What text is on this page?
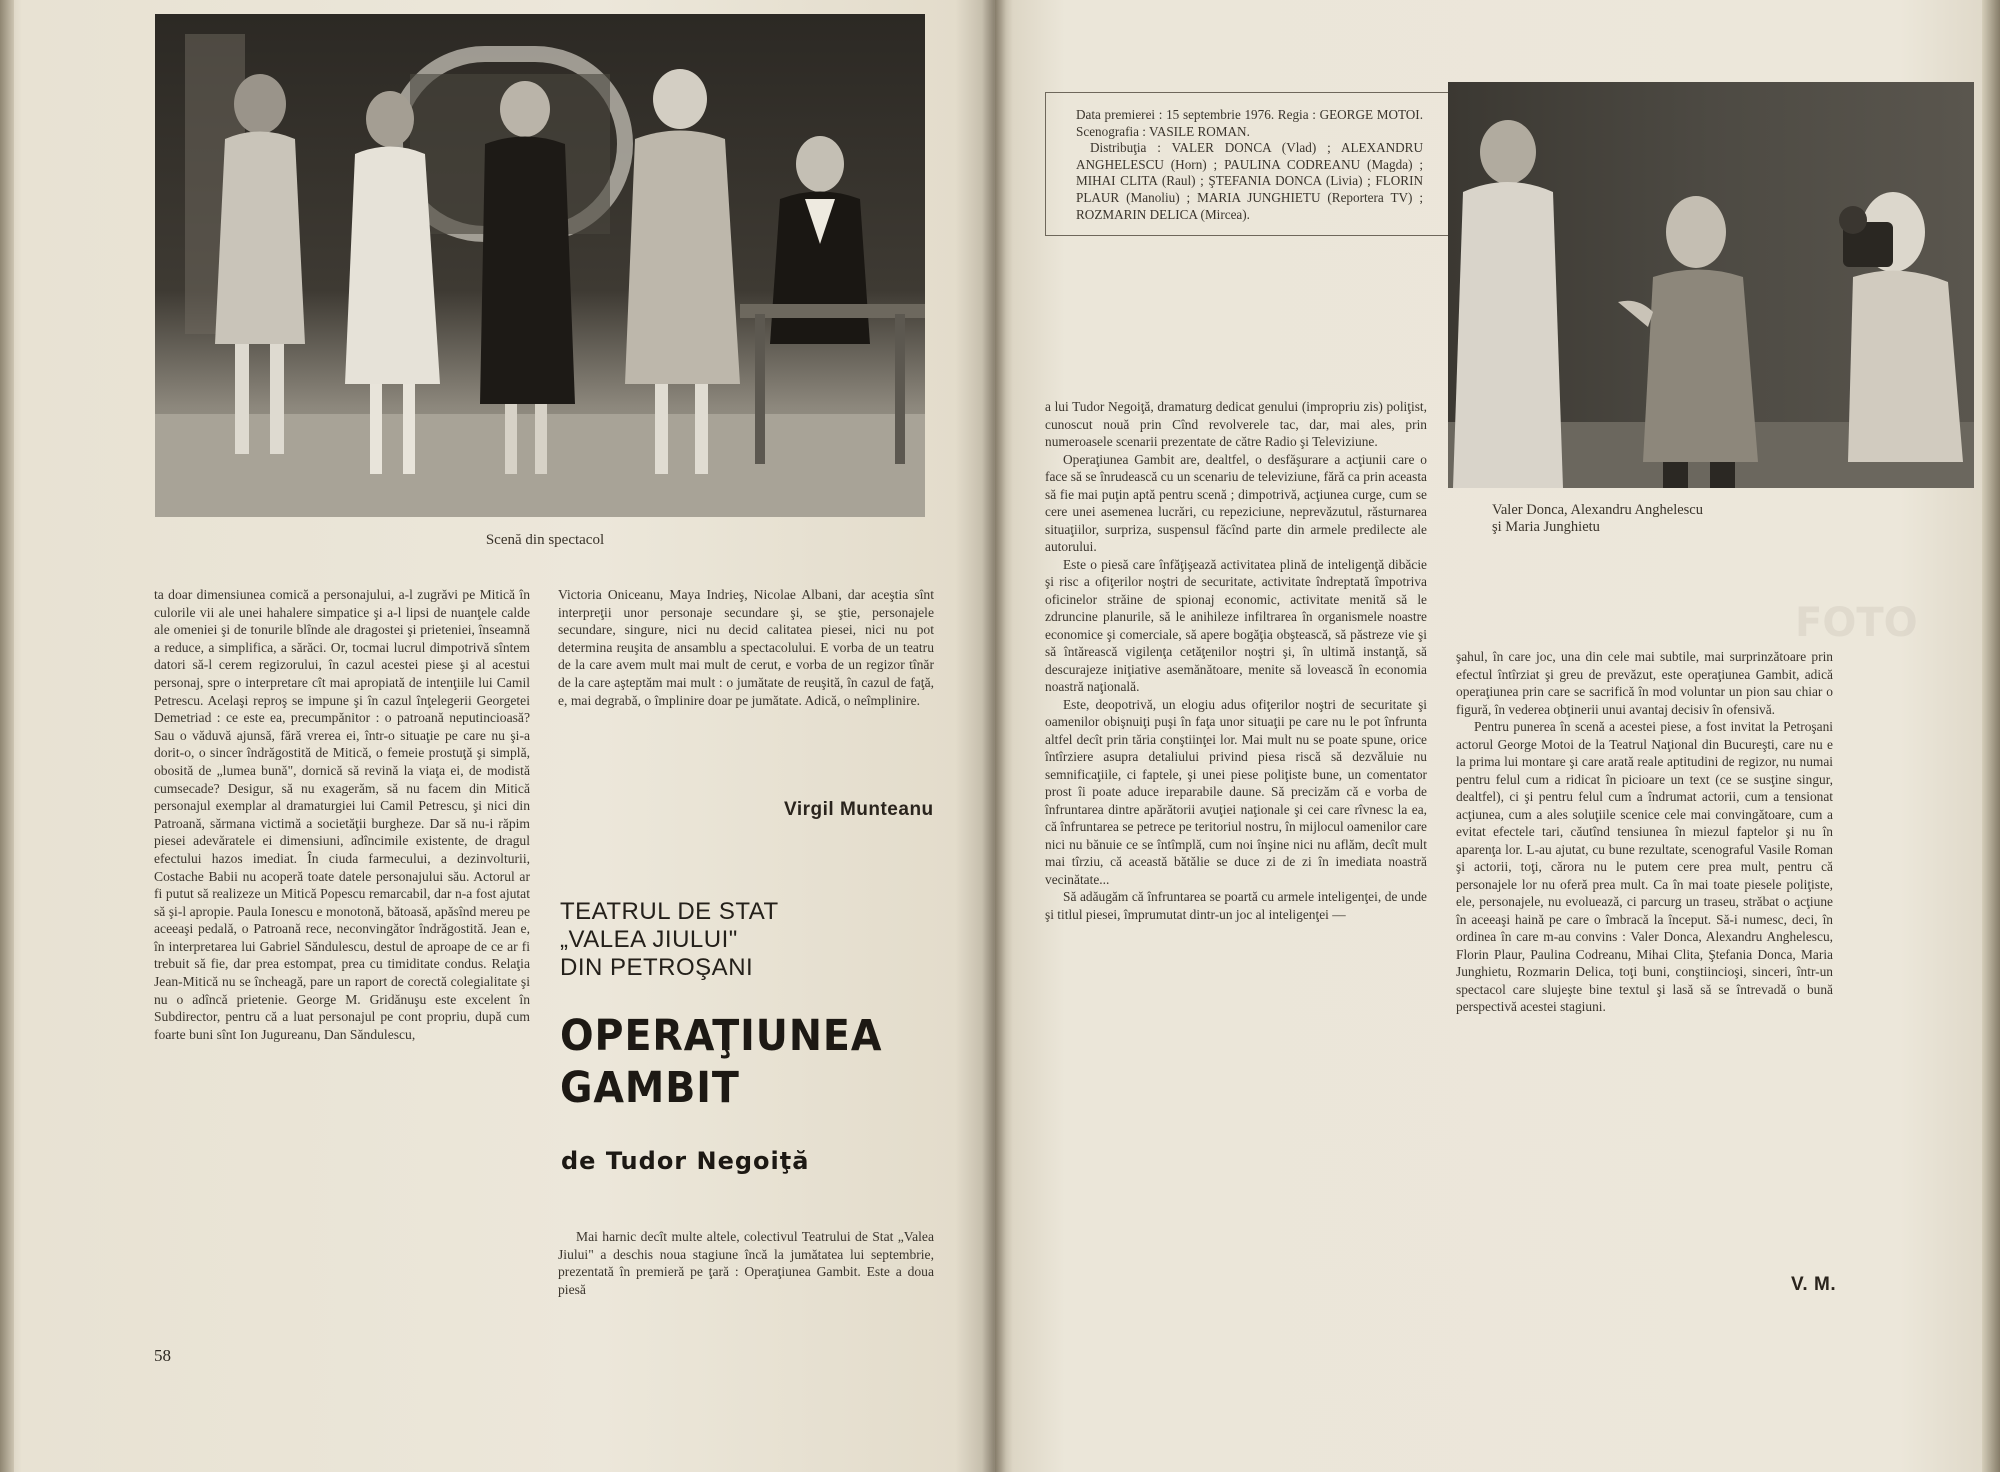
Scenă din spectacol

ta doar dimensiunea comică a personajului, a-l zugrăvi pe Mitică în culorile vii ale unei hahalere simpatice şi a-l lipsi de nuanţele calde ale omeniei şi de tonurile blînde ale dragostei şi prieteniei, înseamnă a reduce, a simplifica, a sărăci. Or, tocmai lucrul dimpotrivă sîntem datori să-l cerem regizorului, în cazul acestei piese şi al acestui personaj, spre o interpretare cît mai apropiată de intenţiile lui Camil Petrescu. Acelaşi reproş se impune şi în cazul înţelegerii Georgetei Demetriad : ce este ea, precumpănitor : o patroană neputincioasă? Sau o văduvă ajunsă, fără vrerea ei, într-o situaţie pe care nu şi-a dorit-o, o sincer îndrăgostită de Mitică, o femeie prostuţă şi simplă, obosită de „lumea bună", dornică să revină la viaţa ei, de modistă cumsecade? Desigur, să nu exagerăm, să nu facem din Mitică personajul exemplar al dramaturgiei lui Camil Petrescu, şi nici din Patroană, sărmana victimă a societăţii burgheze. Dar să nu-i răpim piesei adevăratele ei dimensiuni, adîncimile existente, de dragul efectului hazos imediat. În ciuda farmecului, a dezinvolturii, Costache Babii nu acoperă toate datele personajului său. Actorul ar fi putut să realizeze un Mitică Popescu remarcabil, dar n-a fost ajutat să şi-l apropie. Paula Ionescu e monotonă, bătoasă, apăsînd mereu pe aceeaşi pedală, o Patroană rece, neconvingător îndrăgostită. Jean e, în interpretarea lui Gabriel Săndulescu, destul de aproape de ce ar fi trebuit să fie, dar prea estompat, prea cu timiditate condus. Relaţia Jean-Mitică nu se încheagă, pare un raport de corectă colegialitate şi nu o adîncă prietenie. George M. Gridănuşu este excelent în Subdirector, pentru că a luat personajul pe cont propriu, după cum foarte buni sînt Ion Jugureanu, Dan Săndulescu,

Victoria Oniceanu, Maya Indrieş, Nicolae Albani, dar aceştia sînt interpreţii unor personaje secundare şi, se ştie, personajele secundare, singure, nici nu decid calitatea piesei, nici nu pot determina reuşita de ansamblu a spectacolului. E vorba de un teatru de la care avem mult mai mult de cerut, e vorba de un regizor tînăr de la care aşteptăm mai mult : o jumătate de reuşită, în cazul de faţă, e, mai degrabă, o împlinire doar pe jumătate. Adică, o neîmplinire.

Virgil Munteanu
TEATRUL DE STAT
„VALEA JIULUI"
DIN PETROŞANI
OPERAŢIUNEA
GAMBIT
de Tudor Negoiţă

Mai harnic decît multe altele, colectivul Teatrului de Stat „Valea Jiului" a deschis noua stagiune încă la jumătatea lui septembrie, prezentată în premieră pe ţară : Operaţiunea Gambit. Este a doua piesă

58
FOTO

Data premierei : 15 septembrie 1976. Regia : GEORGE MOTOI. Scenografia : VASILE ROMAN.

Distribuţia : VALER DONCA (Vlad) ; ALEXANDRU ANGHELESCU (Horn) ; PAULINA CODREANU (Magda) ; MIHAI CLITA (Raul) ; ŞTEFANIA DONCA (Livia) ; FLORIN PLAUR (Manoliu) ; MARIA JUNGHIETU (Reportera TV) ; ROZMARIN DELICA (Mircea).

Valer Donca, Alexandru Anghelescu
şi Maria Junghietu

a lui Tudor Negoiţă, dramaturg dedicat genului (impropriu zis) poliţist, cunoscut nouă prin Cînd revolverele tac, dar, mai ales, prin numeroasele scenarii prezentate de către Radio şi Televiziune.

Operaţiunea Gambit are, dealtfel, o desfăşurare a acţiunii care o face să se înrudească cu un scenariu de televiziune, fără ca prin aceasta să fie mai puţin aptă pentru scenă ; dimpotrivă, acţiunea curge, cum se cere unei asemenea lucrări, cu repeziciune, neprevăzutul, răsturnarea situaţiilor, surpriza, suspensul făcînd parte din armele predilecte ale autorului.

Este o piesă care înfăţişează activitatea plină de inteligenţă dibăcie şi risc a ofiţerilor noştri de securitate, activitate îndreptată împotriva oficinelor străine de spionaj economic, activitate menită să le zdruncine planurile, să le anihileze infiltrarea în organismele noastre economice şi comerciale, să apere bogăţia obştească, să păstreze vie şi să întărească vigilenţa cetăţenilor noştri şi, în ultimă instanţă, să descurajeze iniţiative asemănătoare, menite să lovească în economia noastră naţională.

Este, deopotrivă, un elogiu adus ofiţerilor noştri de securitate şi oamenilor obişnuiţi puşi în faţa unor situaţii pe care nu le pot înfrunta altfel decît prin tăria conştiinţei lor. Mai mult nu se poate spune, orice întîrziere asupra detaliului privind piesa riscă să dezvăluie nu semnificaţiile, ci faptele, şi unei piese poliţiste bune, un comentator prost îi poate aduce ireparabile daune. Să precizăm că e vorba de înfruntarea dintre apărătorii avuţiei naţionale şi cei care rîvnesc la ea, că înfruntarea se petrece pe teritoriul nostru, în mijlocul oamenilor care nici nu bănuie ce se întîmplă, cum noi înşine nici nu aflăm, decît mult mai tîrziu, că această bătălie se duce zi de zi în imediata noastră vecinătate...

Să adăugăm că înfruntarea se poartă cu armele inteligenţei, de unde şi titlul piesei, împrumutat dintr-un joc al inteligenţei —

şahul, în care joc, una din cele mai subtile, mai surprinzătoare prin efectul întîrziat şi greu de prevăzut, este operaţiunea Gambit, adică operaţiunea prin care se sacrifică în mod voluntar un pion sau chiar o figură, în vederea obţinerii unui avantaj decisiv în ofensivă.

Pentru punerea în scenă a acestei piese, a fost invitat la Petroşani actorul George Motoi de la Teatrul Naţional din Bucureşti, care nu e la prima lui montare şi care arată reale aptitudini de regizor, nu numai pentru felul cum a ridicat în picioare un text (ce se susţine singur, dealtfel), ci şi pentru felul cum a îndrumat actorii, cum a tensionat acţiunea, cum a ales soluţiile scenice cele mai convingătoare, cum a evitat efectele tari, căutînd tensiunea în miezul faptelor şi nu în aparenţa lor. L-au ajutat, cu bune rezultate, scenograful Vasile Roman şi actorii, toţi, cărora nu le putem cere prea mult, pentru că personajele lor nu oferă prea mult. Ca în mai toate piesele poliţiste, ele, personajele, nu evoluează, ci parcurg un traseu, străbat o acţiune în aceeaşi haină pe care o îmbracă la început. Să-i numesc, deci, în ordinea în care m-au convins : Valer Donca, Alexandru Anghelescu, Florin Plaur, Paulina Codreanu, Mihai Clita, Ştefania Donca, Maria Junghietu, Rozmarin Delica, toţi buni, conştiincioşi, sinceri, într-un spectacol care slujeşte bine textul şi lasă să se întrevadă o bună perspectivă acestei stagiuni.

V. M.
